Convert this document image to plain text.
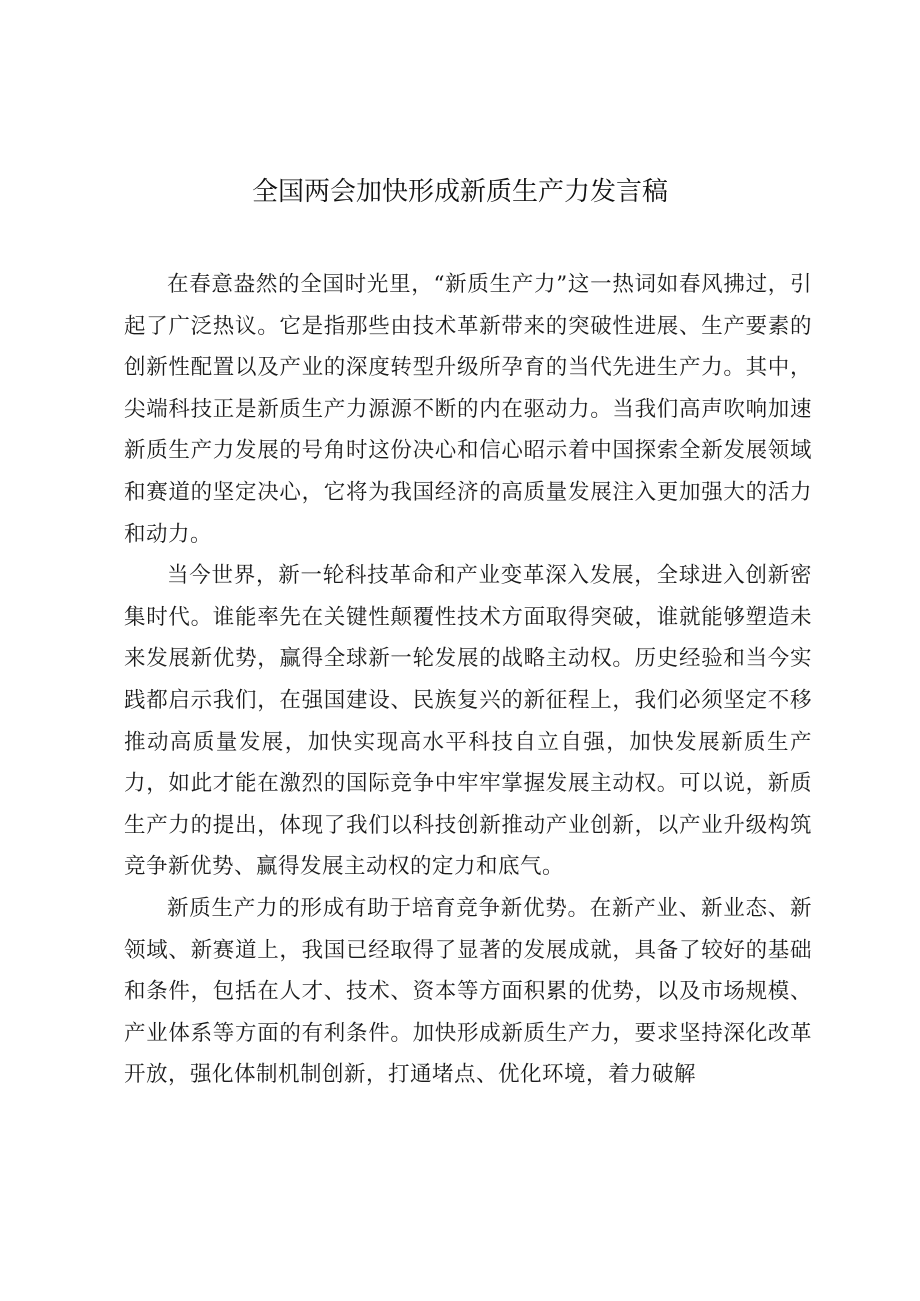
全国两会加快形成新质生产力发言稿

在春意盎然的全国时光里，“新质生产力”这一热词如春风拂过，引起了广泛热议。它是指那些由技术革新带来的突破性进展、生产要素的创新性配置以及产业的深度转型升级所孕育的当代先进生产力。其中，尖端科技正是新质生产力源源不断的内在驱动力。当我们高声吹响加速新质生产力发展的号角时这份决心和信心昭示着中国探索全新发展领域和赛道的坚定决心，它将为我国经济的高质量发展注入更加强大的活力和动力。

当今世界，新一轮科技革命和产业变革深入发展，全球进入创新密集时代。谁能率先在关键性颠覆性技术方面取得突破，谁就能够塑造未来发展新优势，赢得全球新一轮发展的战略主动权。历史经验和当今实践都启示我们，在强国建设、民族复兴的新征程上，我们必须坚定不移推动高质量发展，加快实现高水平科技自立自强，加快发展新质生产力，如此才能在激烈的国际竞争中牢牢掌握发展主动权。可以说，新质生产力的提出，体现了我们以科技创新推动产业创新，以产业升级构筑竞争新优势、赢得发展主动权的定力和底气。

新质生产力的形成有助于培育竞争新优势。在新产业、新业态、新领域、新赛道上，我国已经取得了显著的发展成就，具备了较好的基础和条件，包括在人才、技术、资本等方面积累的优势，以及市场规模、产业体系等方面的有利条件。加快形成新质生产力，要求坚持深化改革开放，强化体制机制创新，打通堵点、优化环境，着力破解
